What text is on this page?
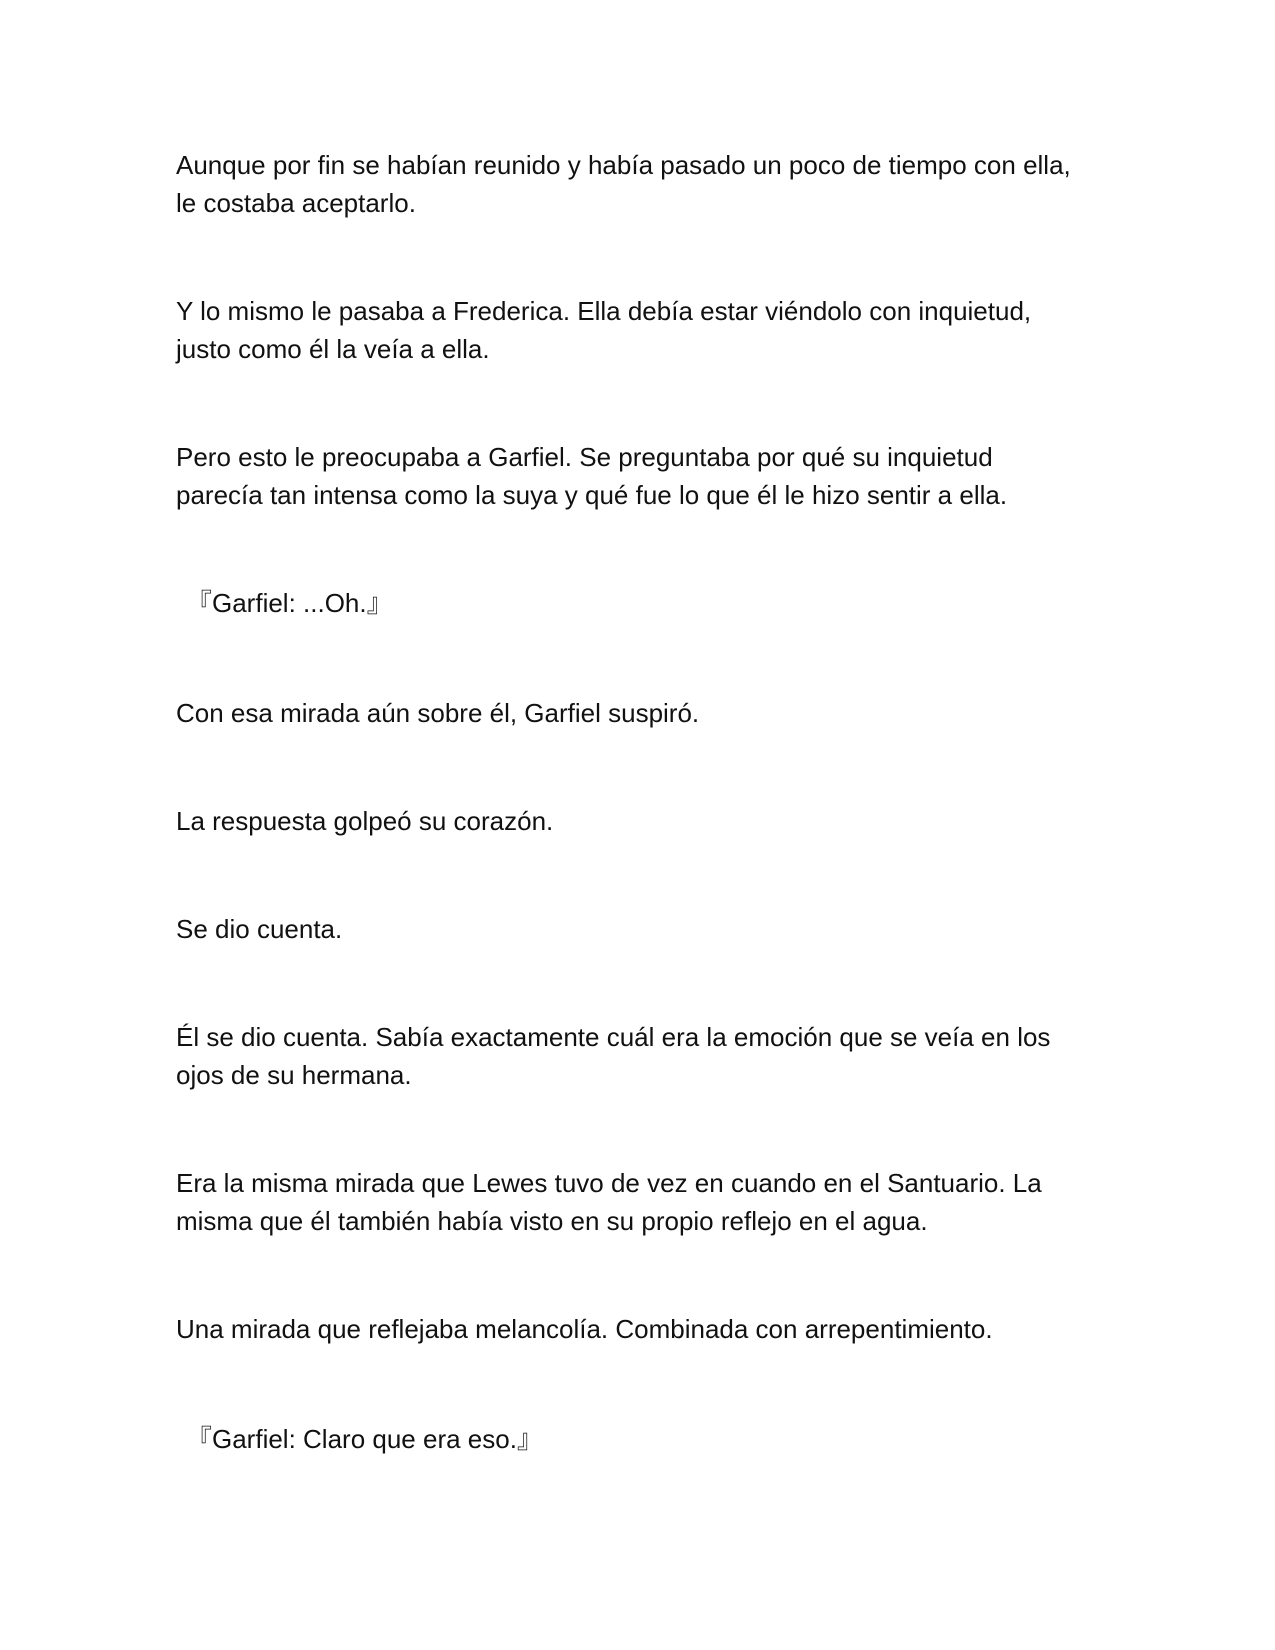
Aunque por fin se habían reunido y había pasado un poco de tiempo con ella,
le costaba aceptarlo.

Y lo mismo le pasaba a Frederica. Ella debía estar viéndolo con inquietud,
justo como él la veía a ella.

Pero esto le preocupaba a Garfiel. Se preguntaba por qué su inquietud
parecía tan intensa como la suya y qué fue lo que él le hizo sentir a ella.

『Garfiel: ...Oh.』

Con esa mirada aún sobre él, Garfiel suspiró.

La respuesta golpeó su corazón.

Se dio cuenta.

Él se dio cuenta. Sabía exactamente cuál era la emoción que se veía en los
ojos de su hermana.

Era la misma mirada que Lewes tuvo de vez en cuando en el Santuario. La
misma que él también había visto en su propio reflejo en el agua.

Una mirada que reflejaba melancolía. Combinada con arrepentimiento.

『Garfiel: Claro que era eso.』
